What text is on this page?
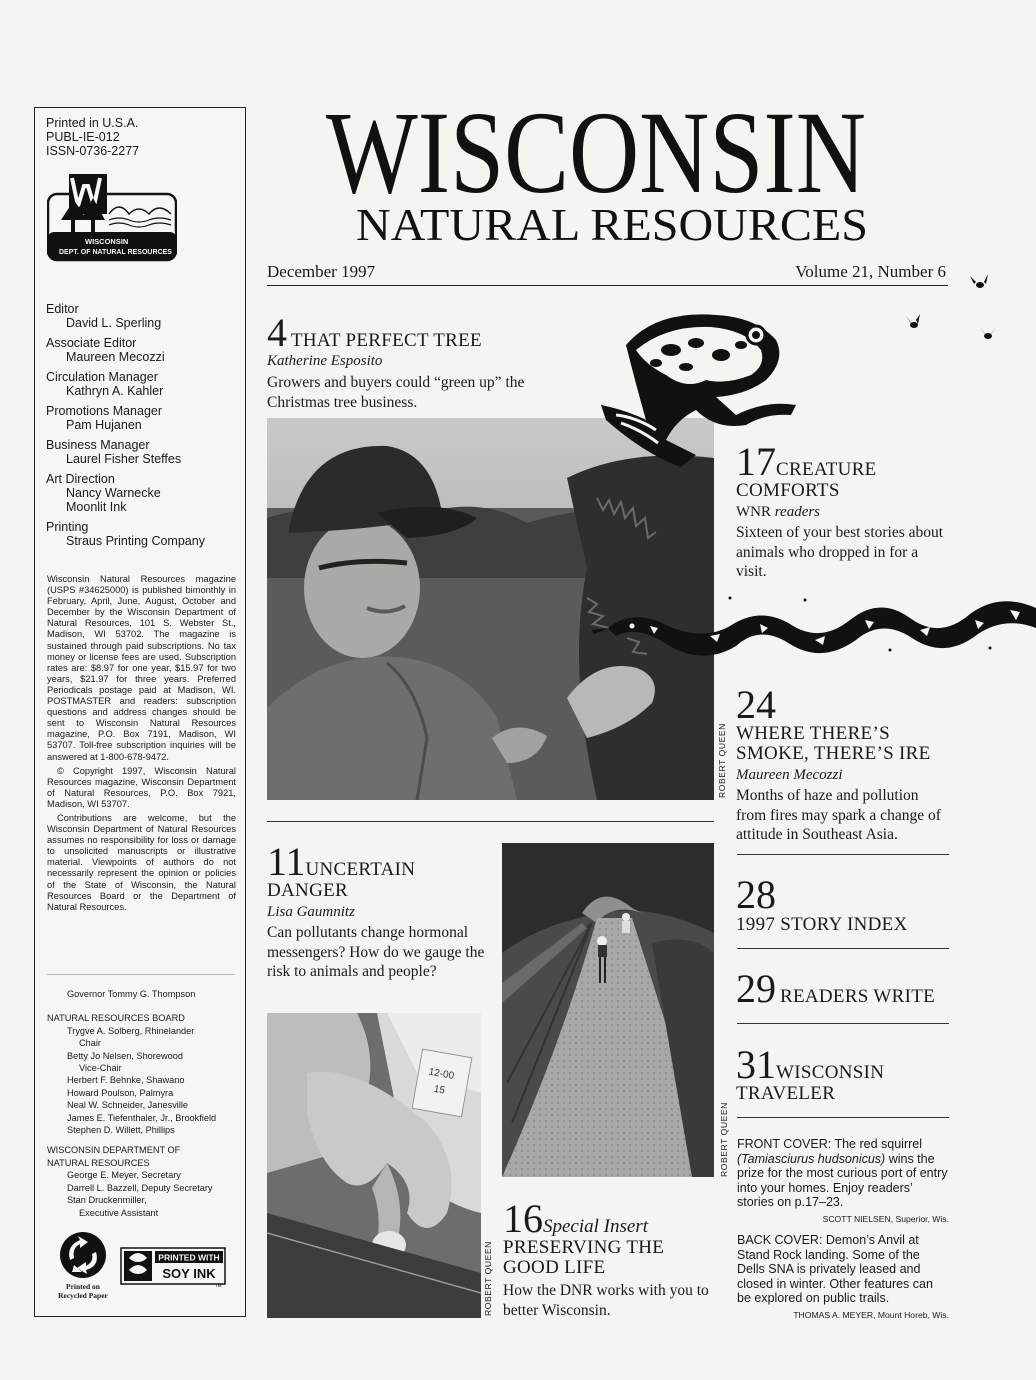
Printed in U.S.A.
PUBL-IE-012
ISSN-0736-2277
WISCONSIN
DEPT. OF NATURAL RESOURCES
Editor
David L. Sperling
Associate Editor
Maureen Mecozzi
Circulation Manager
Kathryn A. Kahler
Promotions Manager
Pam Hujanen
Business Manager
Laurel Fisher Steffes
Art Direction
Nancy Warnecke
Moonlit Ink
Printing
Straus Printing Company

Wisconsin Natural Resources magazine (USPS #34625000) is published bimonthly in February, April, June, August, October and December by the Wisconsin Department of Natural Resources, 101 S. Webster St., Madison, WI 53702. The magazine is sustained through paid subscriptions. No tax money or license fees are used. Subscription rates are: $8.97 for one year, $15.97 for two years, $21.97 for three years. Preferred Periodicals postage paid at Madison, WI. POSTMASTER and readers: subscription questions and address changes should be sent to Wisconsin Natural Resources magazine, P.O. Box 7191, Madison, WI 53707. Toll-free subscription inquiries will be answered at 1-800-678-9472.

© Copyright 1997, Wisconsin Natural Resources magazine, Wisconsin Department of Natural Resources, P.O. Box 7921, Madison, WI 53707.

Contributions are welcome, but the Wisconsin Department of Natural Resources assumes no responsibility for loss or damage to unsolicited manuscripts or illustrative material. Viewpoints of authors do not necessarily represent the opinion or policies of the State of Wisconsin, the Natural Resources Board or the Department of Natural Resources.

Governor Tommy G. Thompson
NATURAL RESOURCES BOARD
Trygve A. Solberg, Rhinelander
Chair
Betty Jo Nelsen, Shorewood
Vice-Chair
Herbert F. Behnke, Shawano
Howard Poulson, Palmyra
Neal W. Schneider, Janesville
James E. Tiefenthaler, Jr., Brookfield
Stephen D. Willett, Phillips
WISCONSIN DEPARTMENT OF
NATURAL RESOURCES
George E. Meyer, Secretary
Darrell L. Bazzell, Deputy Secretary
Stan Druckenmiller,
Executive Assistant
Printed on
Recycled Paper
PRINTED WITH
SOY INK
TM
WISCONSIN
NATURAL RESOURCES
December 1997	Volume 21, Number 6
4 THAT PERFECT TREE
Katherine Esposito
Growers and buyers could “green up” the Christmas tree business.
ROBERT QUEEN
17CREATURE
COMFORTS
WNR readers
Sixteen of your best stories about animals who dropped in for a visit.
24
WHERE THERE’S SMOKE, THERE’S IRE
Maureen Mecozzi
Months of haze and pollution from fires may spark a change of attitude in Southeast Asia.
28
1997 STORY INDEX
29 READERS WRITE
31WISCONSIN
TRAVELER
FRONT COVER: The red squirrel (Tamiasciurus hudsonicus) wins the prize for the most curious port of entry into your homes. Enjoy readers’ stories on p.17–23.
SCOTT NIELSEN, Superior, Wis.
BACK COVER: Demon’s Anvil at Stand Rock landing. Some of the Dells SNA is privately leased and closed in winter. Other features can be explored on public trails.
THOMAS A. MEYER, Mount Horeb, Wis.
11UNCERTAIN
DANGER
Lisa Gaumnitz
Can pollutants change hormonal messengers? How do we gauge the risk to animals and people?
ROBERT QUEEN
12-00
15
ROBERT QUEEN
16Special Insert
PRESERVING THE GOOD LIFE
How the DNR works with you to better Wisconsin.
